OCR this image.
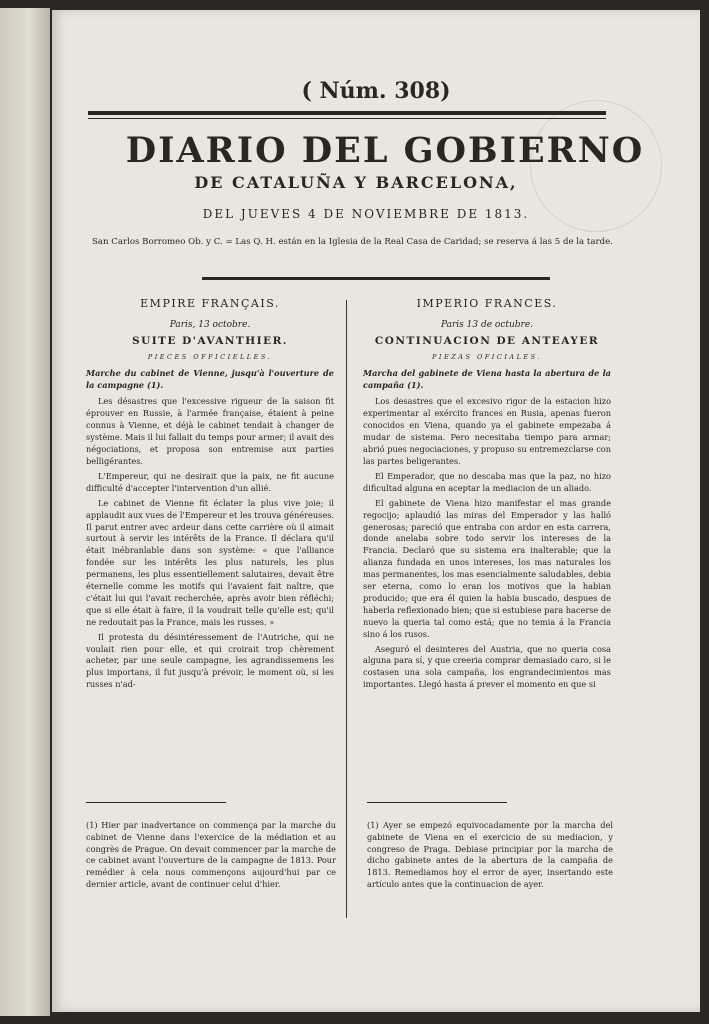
( Núm. 308)
DIARIO DEL GOBIERNO
DE CATALUÑA Y BARCELONA,
DEL JUEVES 4 DE NOVIEMBRE DE 1813.
San Carlos Borromeo Ob. y C. = Las Q. H. están en la Iglesia de la Real Casa de Caridad; se reserva á las 5 de la tarde.
EMPIRE FRANÇAIS.
Paris, 13 octobre.
SUITE D'AVANTHIER.
PIECES OFFICIELLES.
Marche du cabinet de Vienne, jusqu'à l'ouverture de la campagne (1).

Les désastres que l'excessive rigueur de la saison fit éprouver en Russie, à l'armée française, étaient à peine connus à Vienne, et déjà le cabinet tendait à changer de système. Mais il lui fallait du temps pour armer; il avait des négociations, et proposa son entremise aux parties belligérantes.

L'Empereur, qui ne desirait que la paix, ne fit aucune difficulté d'accepter l'intervention d'un allié.

Le cabinet de Vienne fit éclater la plus vive joie; il applaudit aux vues de l'Empereur et les trouva généreuses. Il parut entrer avec ardeur dans cette carrière où il aimait surtout à servir les intérêts de la France. Il déclara qu'il était inébranlable dans son système: « que l'alliance fondée sur les intérêts les plus naturels, les plus permanens, les plus essentiellement salutaires, devait être éternelle comme les motifs qui l'avaient fait naître, que c'était lui qui l'avait recherchée, après avoir bien réfléchi; que si elle était à faire, il la voudrait telle qu'elle est; qu'il ne redoutait pas la France, mais les russes. »

Il protesta du désintéressement de l'Autriche, qui ne voulait rien pour elle, et qui croirait trop chèrement acheter, par une seule campagne, les agrandissemens les plus importans, il fut jusqu'à prévoir, le moment où, si les russes n'ad-

IMPERIO FRANCES.
Paris 13 de octubre.
CONTINUACION DE ANTEAYER
PIEZAS OFICIALES.
Marcha del gabinete de Viena hasta la abertura de la campaña (1).

Los desastres que el excesivo rigor de la estacion hizo experimentar al exército frances en Rusia, apenas fueron conocidos en Viena, quando ya el gabinete empezaba á mudar de sistema. Pero necesitaba tiempo para armar; abrió pues negociaciones, y propuso su entremezclarse con las partes beligerantes.

El Emperador, que no descaba mas que la paz, no hizo dificultad alguna en aceptar la mediacion de un aliado.

El gabinete de Viena hizo manifestar el mas grande regocijo; aplaudió las miras del Emperador y las halló generosas; pareció que entraba con ardor en esta carrera, donde anelaba sobre todo servir los intereses de la Francia. Declaró que su sistema era inalterable; que la alianza fundada en unos intereses, los mas naturales los mas permanentes, los mas esencialmente saludables, debia ser eterna, como lo eran los motivos que la habian producido; que era él quien la habia buscado, despues de haberla reflexionado bien; que si estubiese para hacerse de nuevo la queria tal como está; que no temia á la Francia sino á los rusos.

Aseguró el desinteres del Austria, que no queria cosa alguna para sí, y que creeria comprar demasiado caro, si le costasen una sola campaña, los engrandecimientos mas importantes. Llegó hasta á prever el momento en que si

(1) Hier par inadvertance on commença par la marche du cabinet de Vienne dans l'exercice de la médiation et au congrès de Prague. On devait commencer par la marche de ce cabinet avant l'ouverture de la campagne de 1813. Pour remédier à cela nous commençons aujourd'hui par ce dernier article, avant de continuer celui d'hier.
(1) Ayer se empezó equivocadamente por la marcha del gabinete de Viena en el exercicio de su mediacion, y congreso de Praga. Debiase principiar por la marcha de dicho gabinete antes de la abertura de la campaña de 1813. Remediamos hoy el error de ayer, insertando este artículo antes que la continuacion de ayer.
